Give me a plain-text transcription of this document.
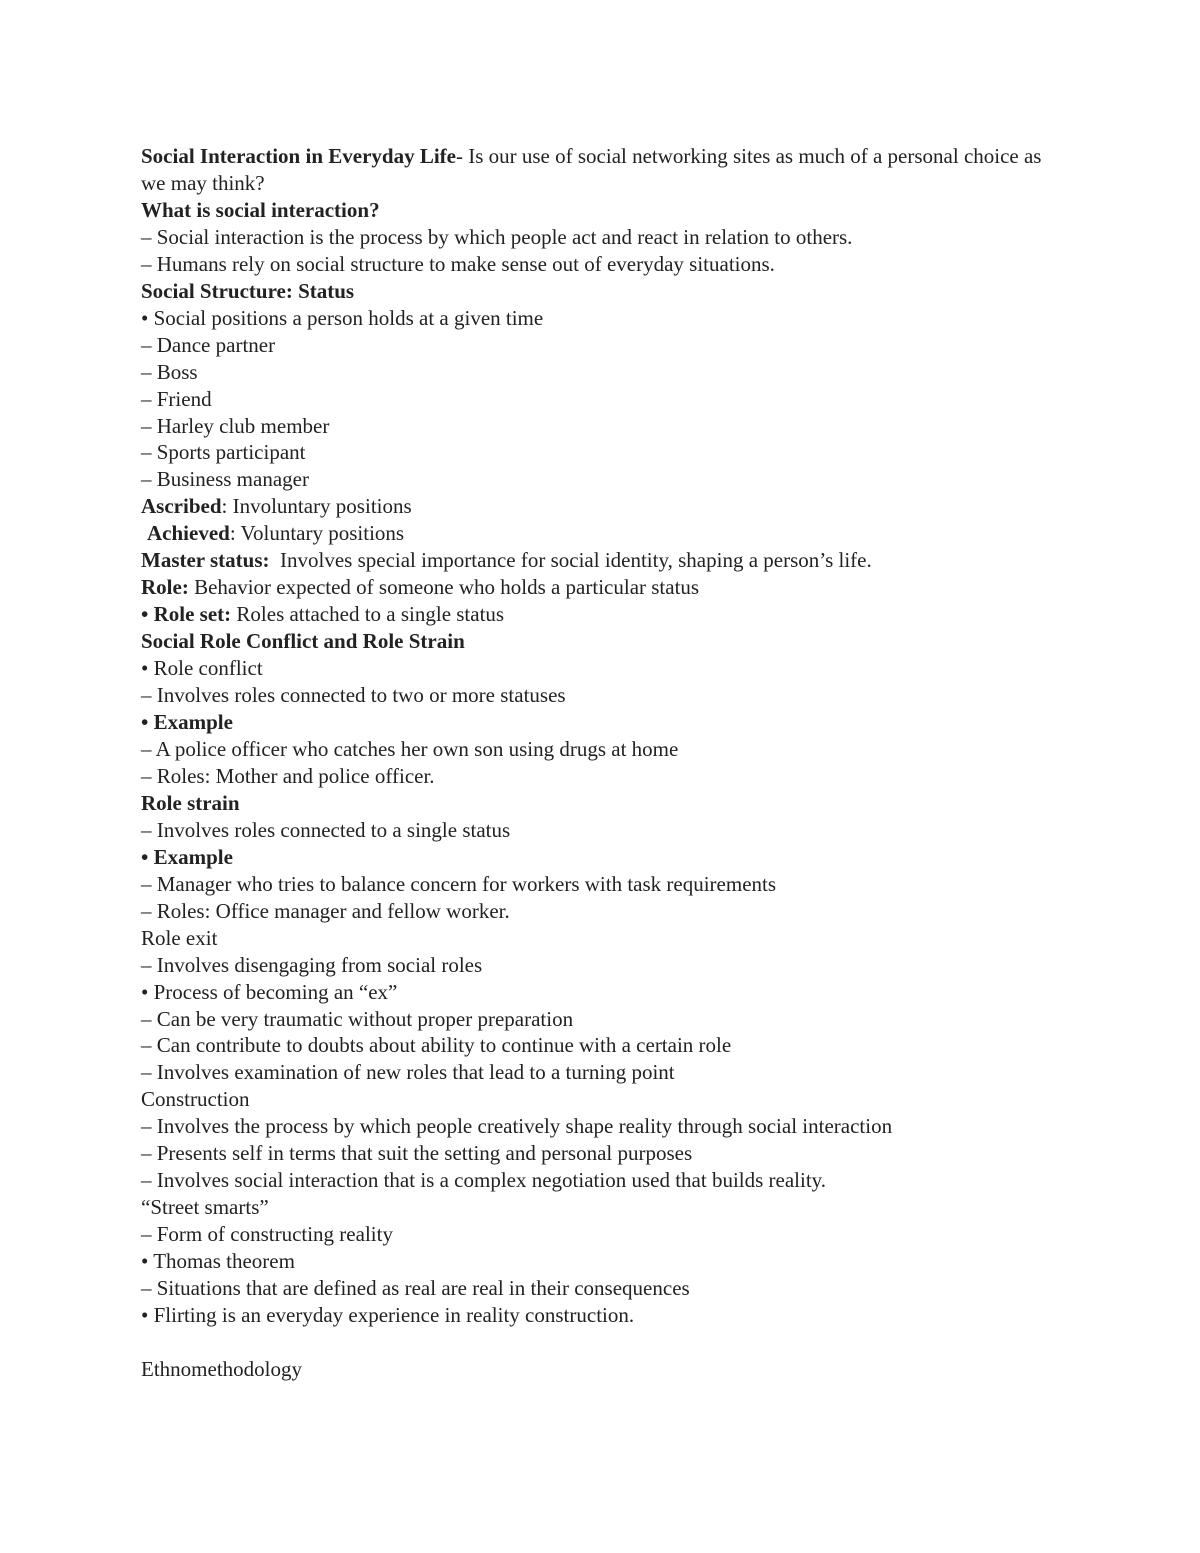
Social Interaction in Everyday Life- Is our use of social networking sites as much of a personal choice as we may think?
What is social interaction?
– Social interaction is the process by which people act and react in relation to others.
– Humans rely on social structure to make sense out of everyday situations.
Social Structure: Status
• Social positions a person holds at a given time
– Dance partner
– Boss
– Friend
– Harley club member
– Sports participant
– Business manager
Ascribed: Involuntary positions
Achieved: Voluntary positions
Master status:  Involves special importance for social identity, shaping a person’s life.
Role: Behavior expected of someone who holds a particular status
• Role set: Roles attached to a single status
Social Role Conflict and Role Strain
• Role conflict
– Involves roles connected to two or more statuses
• Example
– A police officer who catches her own son using drugs at home
– Roles: Mother and police officer.
Role strain
– Involves roles connected to a single status
• Example
– Manager who tries to balance concern for workers with task requirements
– Roles: Office manager and fellow worker.
Role exit
– Involves disengaging from social roles
• Process of becoming an “ex”
– Can be very traumatic without proper preparation
– Can contribute to doubts about ability to continue with a certain role
– Involves examination of new roles that lead to a turning point
Construction
– Involves the process by which people creatively shape reality through social interaction
– Presents self in terms that suit the setting and personal purposes
– Involves social interaction that is a complex negotiation used that builds reality.
“Street smarts”
– Form of constructing reality
• Thomas theorem
– Situations that are defined as real are real in their consequences
• Flirting is an everyday experience in reality construction.
Ethnomethodology
